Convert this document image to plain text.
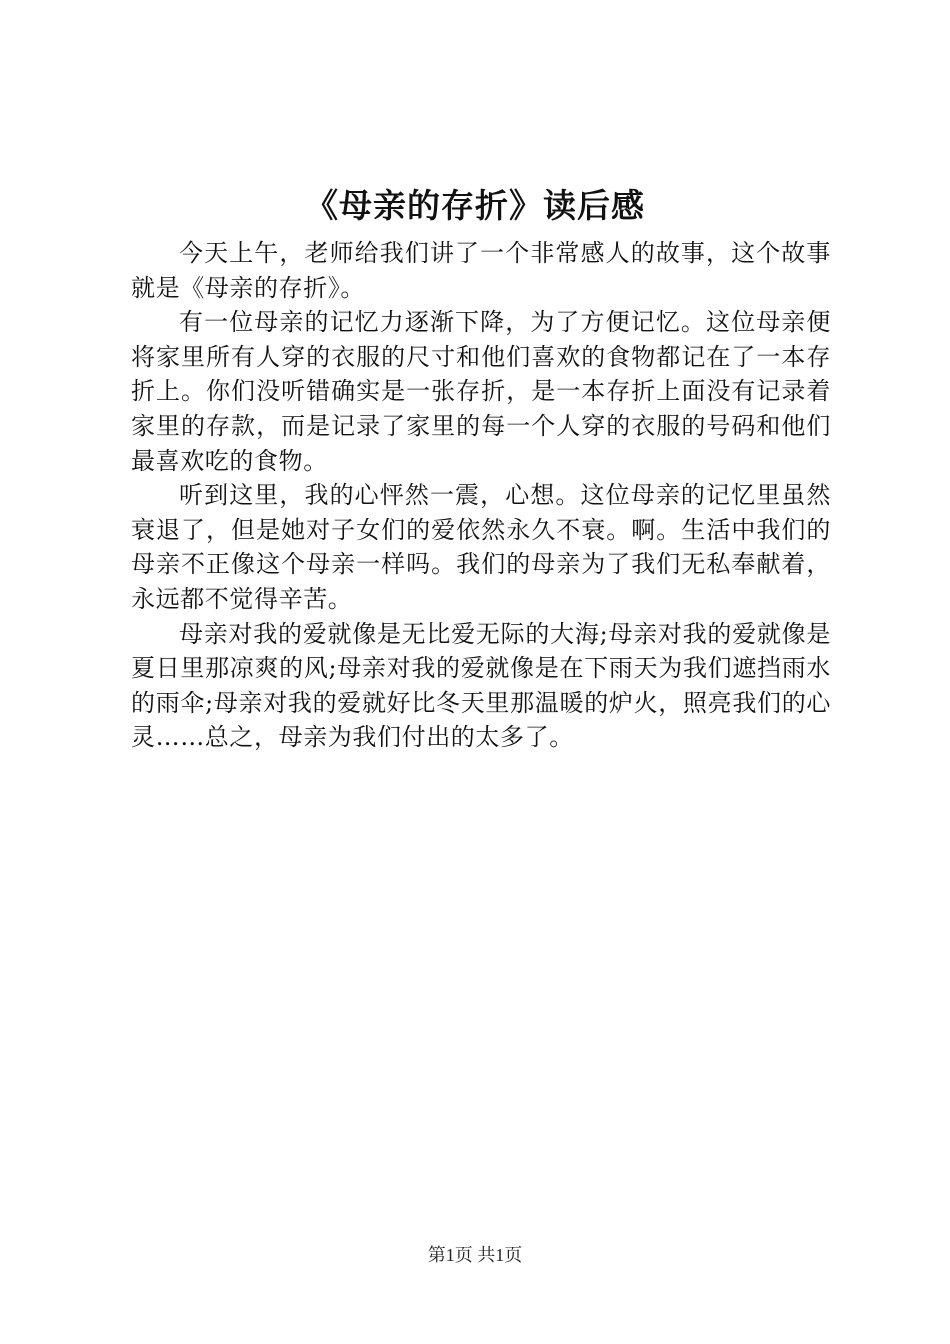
《母亲的存折》读后感

今天上午，老师给我们讲了一个非常感人的故事，这个故事就是《母亲的存折》。

有一位母亲的记忆力逐渐下降，为了方便记忆。这位母亲便将家里所有人穿的衣服的尺寸和他们喜欢的食物都记在了一本存折上。你们没听错确实是一张存折，是一本存折上面没有记录着家里的存款，而是记录了家里的每一个人穿的衣服的号码和他们最喜欢吃的食物。

听到这里，我的心怦然一震，心想。这位母亲的记忆里虽然衰退了，但是她对子女们的爱依然永久不衰。啊。生活中我们的母亲不正像这个母亲一样吗。我们的母亲为了我们无私奉献着，永远都不觉得辛苦。

母亲对我的爱就像是无比爱无际的大海;母亲对我的爱就像是夏日里那凉爽的风;母亲对我的爱就像是在下雨天为我们遮挡雨水的雨伞;母亲对我的爱就好比冬天里那温暖的炉火，照亮我们的心灵……总之，母亲为我们付出的太多了。

第1页 共1页
